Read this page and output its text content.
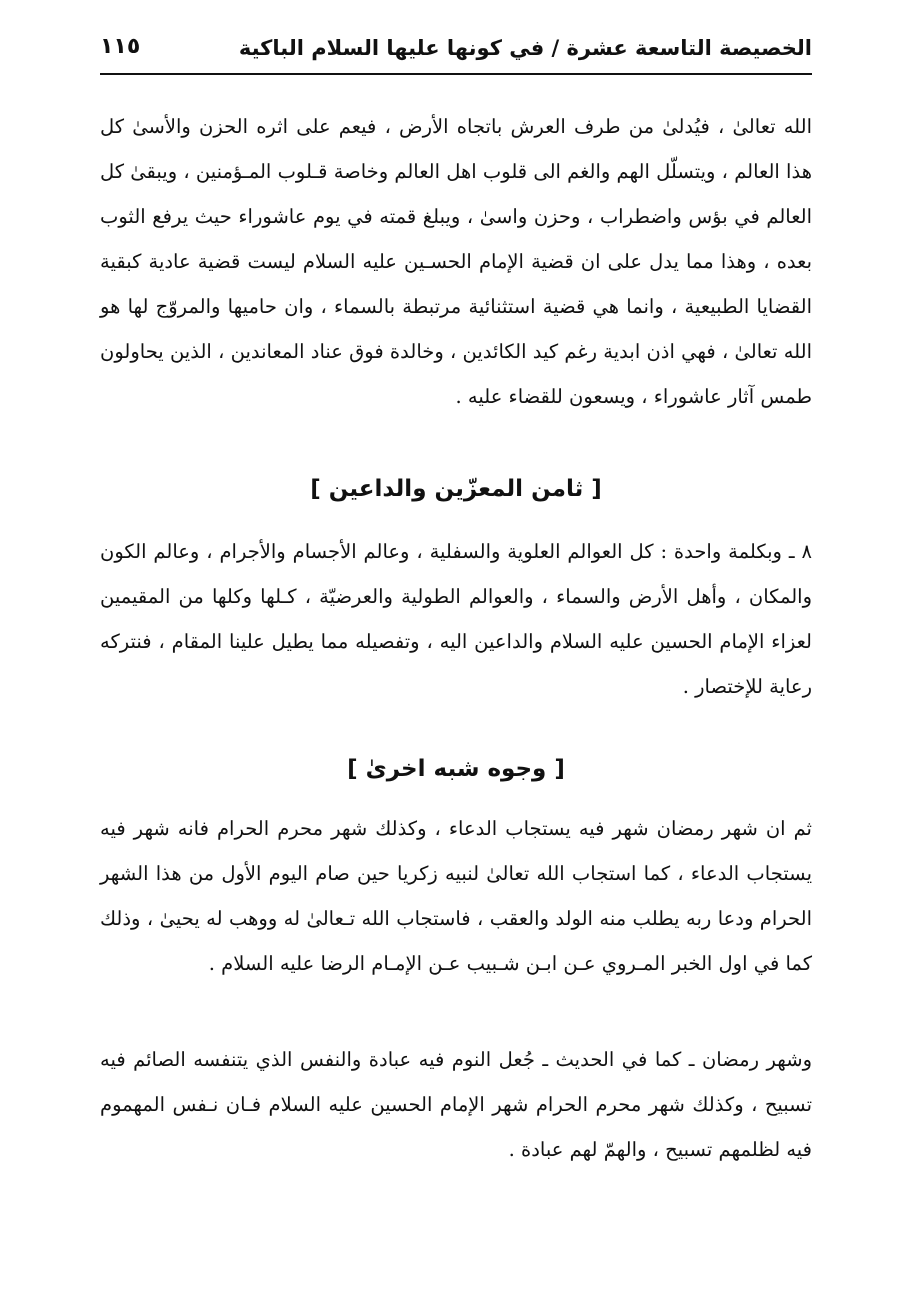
الخصيصة التاسعة عشرة / في كونها عليها السلام الباكية
١١٥

الله تعالىٰ ، فيُدلىٰ من طرف العرش باتجاه الأرض ، فيعم على اثره الحزن والأسىٰ كل هذا العالم ، ويتسلّل الهم والغم الى قلوب اهل العالم وخاصة قـلوب المـؤمنين ، ويبقىٰ كل العالم في بؤس واضطراب ، وحزن واسىٰ ، ويبلغ قمته في يوم عاشوراء حيث يرفع الثوب بعده ، وهذا مما يدل على ان قضية الإمام الحسـين عليه السلام ليست قضية عادية كبقية القضايا الطبيعية ، وانما هي قضية استثنائية مرتبطة بالسماء ، وان حاميها والمروّج لها هو الله تعالىٰ ، فهي اذن ابدية رغم كيد الكائدين ، وخالدة فوق عناد المعاندين ، الذين يحاولون طمس آثار عاشوراء ، ويسعون للقضاء عليه .

[ ثامن المعزّين والداعين ]

٨ ـ وبكلمة واحدة : كل العوالم العلوية والسفلية ، وعالم الأجسام والأجرام ، وعالم الكون والمكان ، وأهل الأرض والسماء ، والعوالم الطولية والعرضيّة ، كـلها وكلها من المقيمين لعزاء الإمام الحسين عليه السلام والداعين اليه ، وتفصيله مما يطيل علينا المقام ، فنتركه رعاية للإختصار .

[ وجوه شبه اخرىٰ ]

ثم ان شهر رمضان شهر فيه يستجاب الدعاء ، وكذلك شهر محرم الحرام فانه شهر فيه يستجاب الدعاء ، كما استجاب الله تعالىٰ لنبيه زكريا حين صام اليوم الأول من هذا الشهر الحرام ودعا ربه يطلب منه الولد والعقب ، فاستجاب الله تـعالىٰ له ووهب له يحيىٰ ، وذلك كما في اول الخبر المـروي عـن ابـن شـبيب عـن الإمـام الرضا عليه السلام .

وشهر رمضان ـ كما في الحديث ـ جُعل النوم فيه عبادة والنفس الذي يتنفسه الصائم فيه تسبيح ، وكذلك شهر محرم الحرام شهر الإمام الحسين عليه السلام فـان نـفس المهموم فيه لظلمهم تسبيح ، والهمّ لهم عبادة .
